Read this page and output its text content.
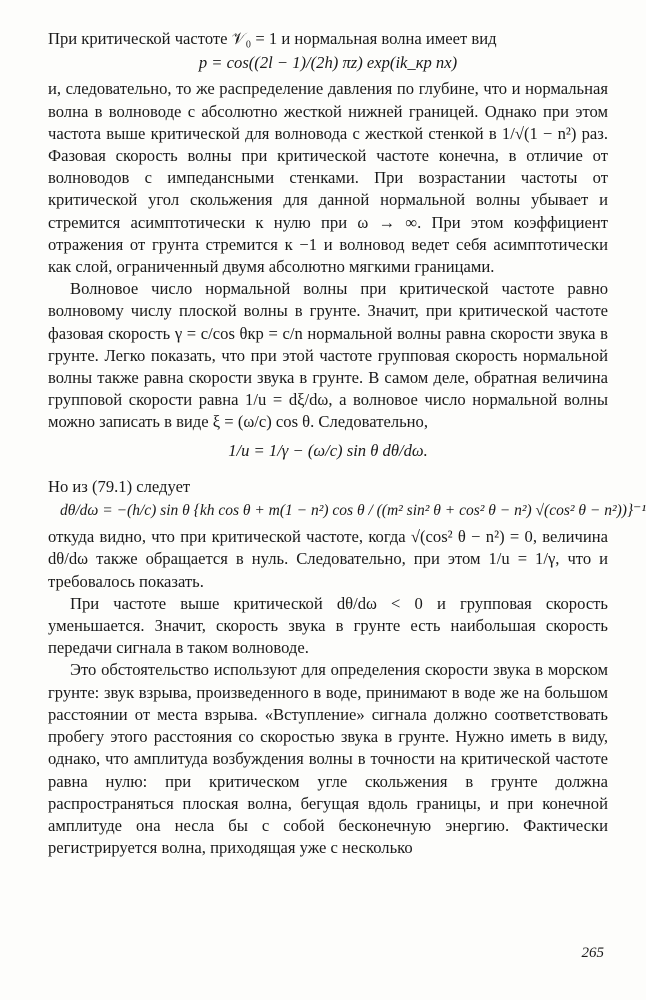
При критической частоте 𝒱₀ = 1 и нормальная волна имеет вид

p = cos((2l − 1)/(2h) πz) exp(ik_кр nx)

и, следовательно, то же распределение давления по глубине, что и нормальная волна в волноводе с абсолютно жесткой нижней границей. Однако при этом частота выше критической для волновода с жесткой стенкой в 1/√(1 − n²) раз. Фазовая скорость волны при критической частоте конечна, в отличие от волноводов с импедансными стенками. При возрастании частоты от критической угол скольжения для данной нормальной волны убывает и стремится асимптотически к нулю при ω → ∞. При этом коэффициент отражения от грунта стремится к −1 и волновод ведет себя асимптотически как слой, ограниченный двумя абсолютно мягкими границами.

Волновое число нормальной волны при критической частоте равно волновому числу плоской волны в грунте. Значит, при критической частоте фазовая скорость γ = c/cos θкр = c/n нормальной волны равна скорости звука в грунте. Легко показать, что при этой частоте групповая скорость нормальной волны также равна скорости звука в грунте. В самом деле, обратная величина групповой скорости равна 1/u = dξ/dω, а волновое число нормальной волны можно записать в виде ξ = (ω/c) cos θ. Следовательно,

1/u = 1/γ − (ω/c) sin θ dθ/dω.

Но из (79.1) следует

dθ/dω = −(h/c) sin θ {kh cos θ + m(1 − n²) cos θ / ((m² sin² θ + cos² θ − n²) √(cos² θ − n²))}⁻¹

откуда видно, что при критической частоте, когда √(cos² θ − n²) = 0, величина dθ/dω также обращается в нуль. Следовательно, при этом 1/u = 1/γ, что и требовалось показать.

При частоте выше критической dθ/dω < 0 и групповая скорость уменьшается. Значит, скорость звука в грунте есть наибольшая скорость передачи сигнала в таком волноводе.

Это обстоятельство используют для определения скорости звука в морском грунте: звук взрыва, произведенного в воде, принимают в воде же на большом расстоянии от места взрыва. «Вступление» сигнала должно соответствовать пробегу этого расстояния со скоростью звука в грунте. Нужно иметь в виду, однако, что амплитуда возбуждения волны в точности на критической частоте равна нулю: при критическом угле скольжения в грунте должна распространяться плоская волна, бегущая вдоль границы, и при конечной амплитуде она несла бы с собой бесконечную энергию. Фактически регистрируется волна, приходящая уже с несколько

265
